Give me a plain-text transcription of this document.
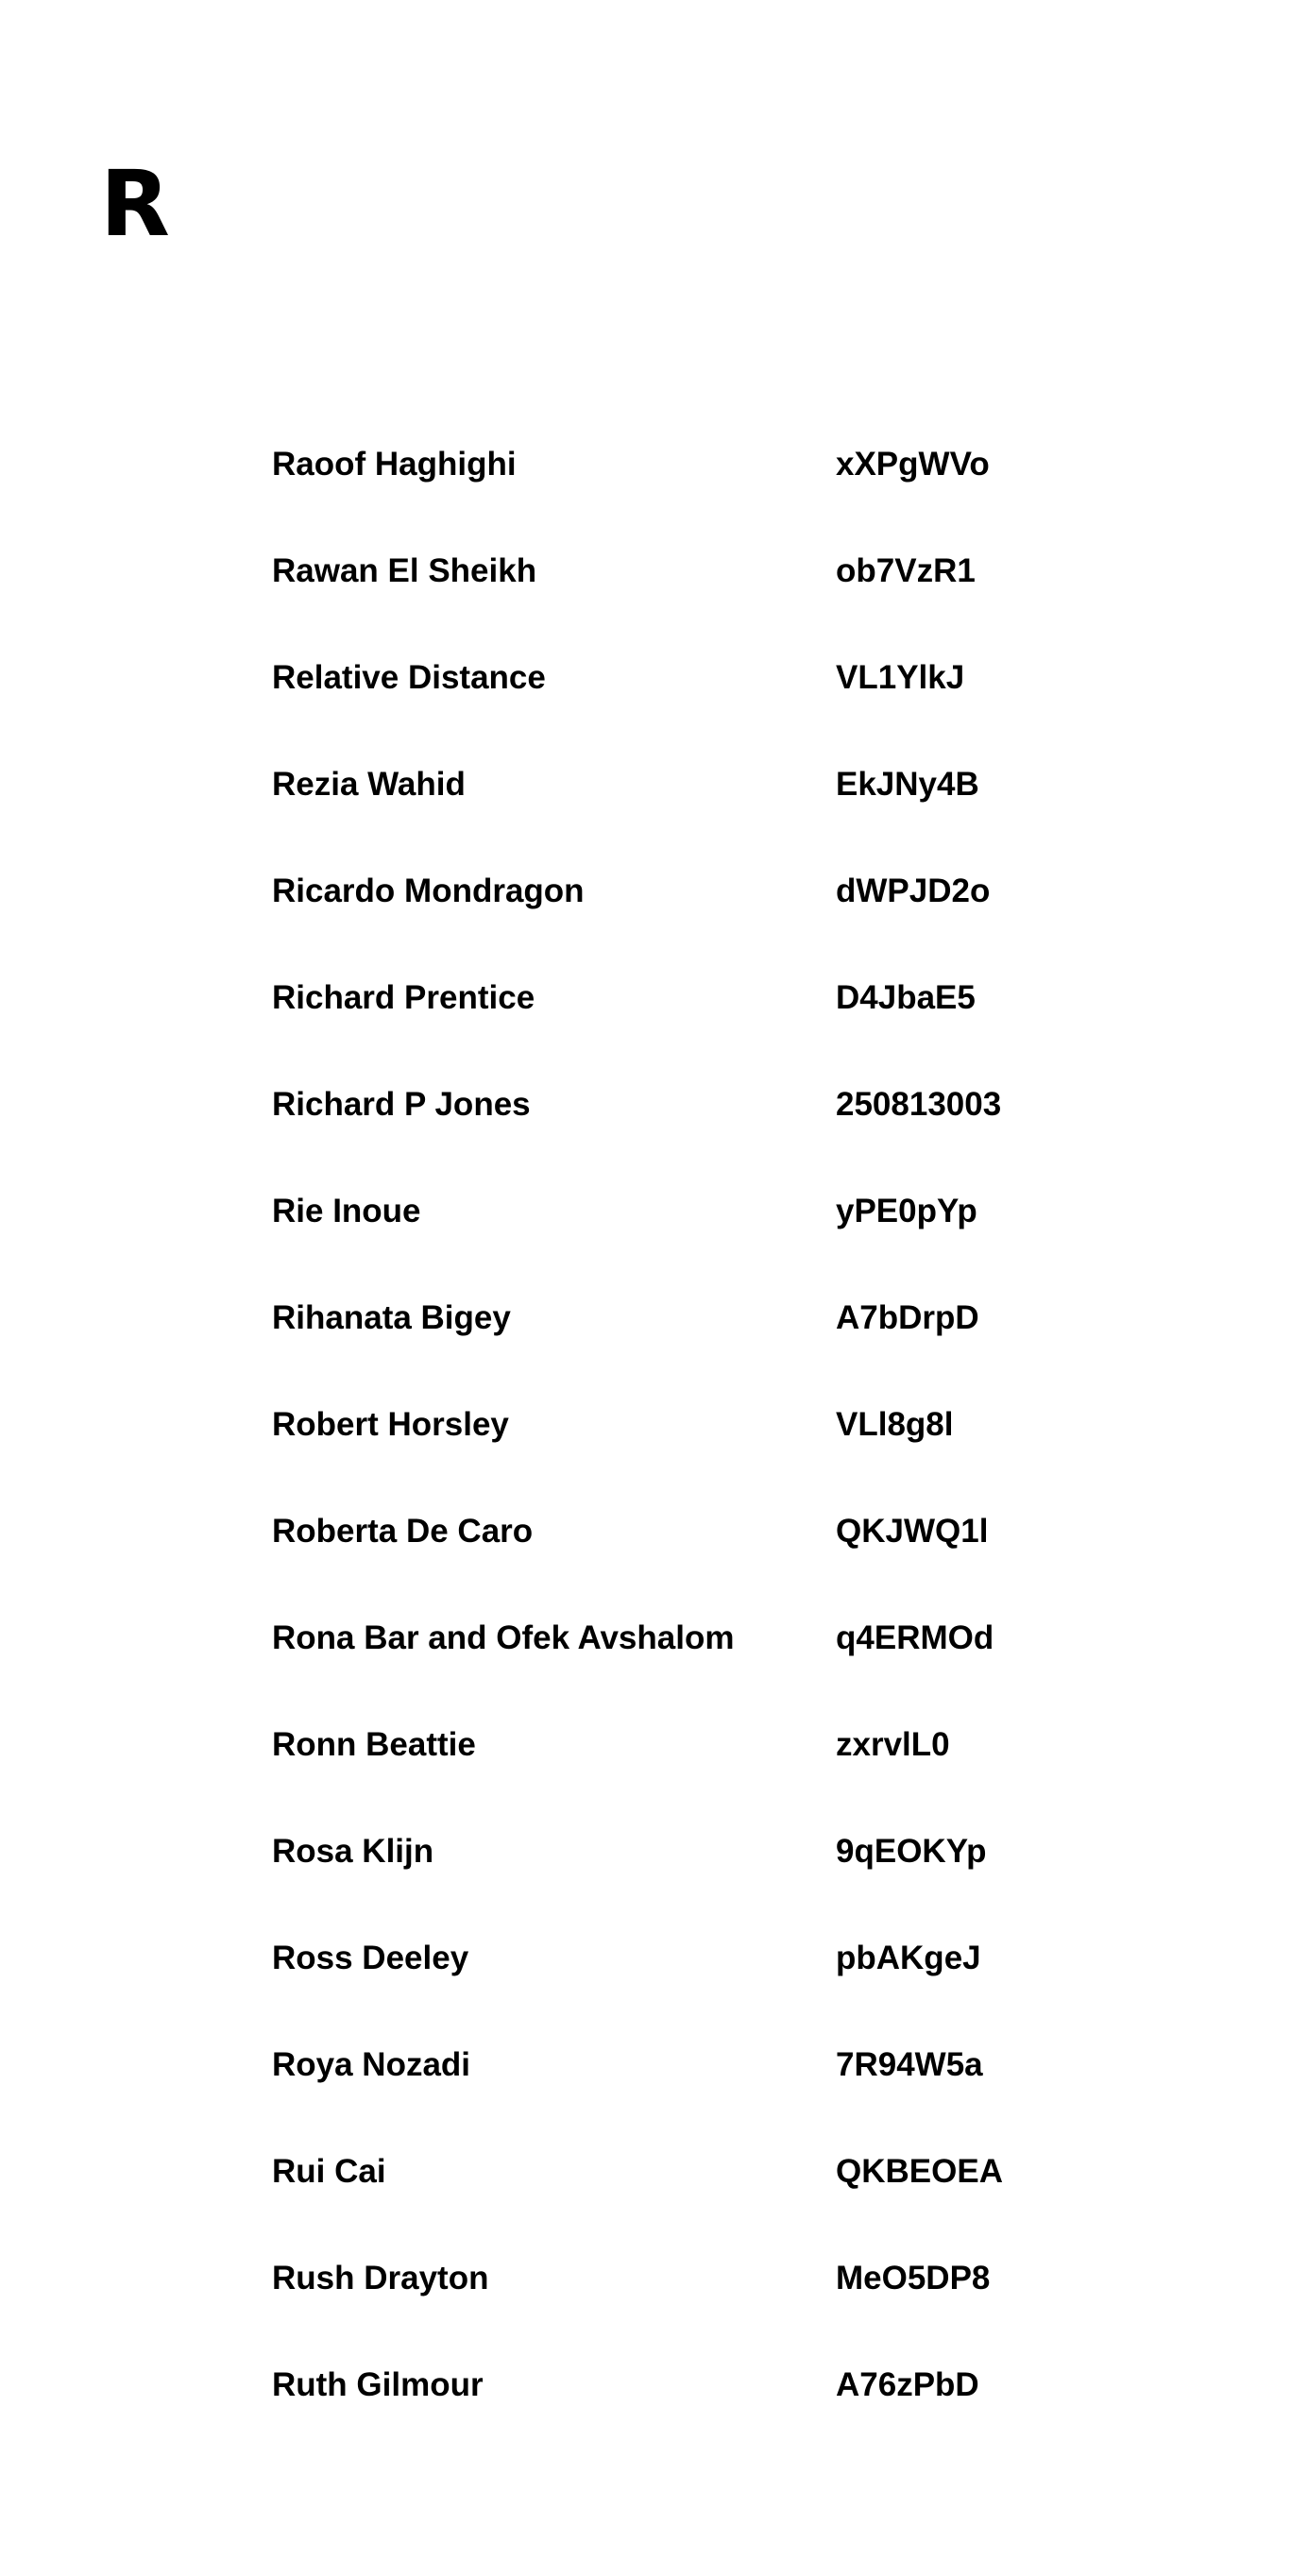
R
Raoof Haghighi	xXPgWVo
Rawan El Sheikh	ob7VzR1
Relative Distance	VL1YlkJ
Rezia Wahid	EkJNy4B
Ricardo Mondragon	dWPJD2o
Richard Prentice	D4JbaE5
Richard P Jones	250813003
Rie Inoue	yPE0pYp
Rihanata Bigey	A7bDrpD
Robert Horsley	VLl8g8l
Roberta De Caro	QKJWQ1l
Rona Bar and Ofek Avshalom	q4ERMOd
Ronn Beattie	zxrvlL0
Rosa Klijn	9qEOKYp
Ross Deeley	pbAKgeJ
Roya Nozadi	7R94W5a
Rui Cai	QKBEOEA
Rush Drayton	MeO5DP8
Ruth Gilmour	A76zPbD
